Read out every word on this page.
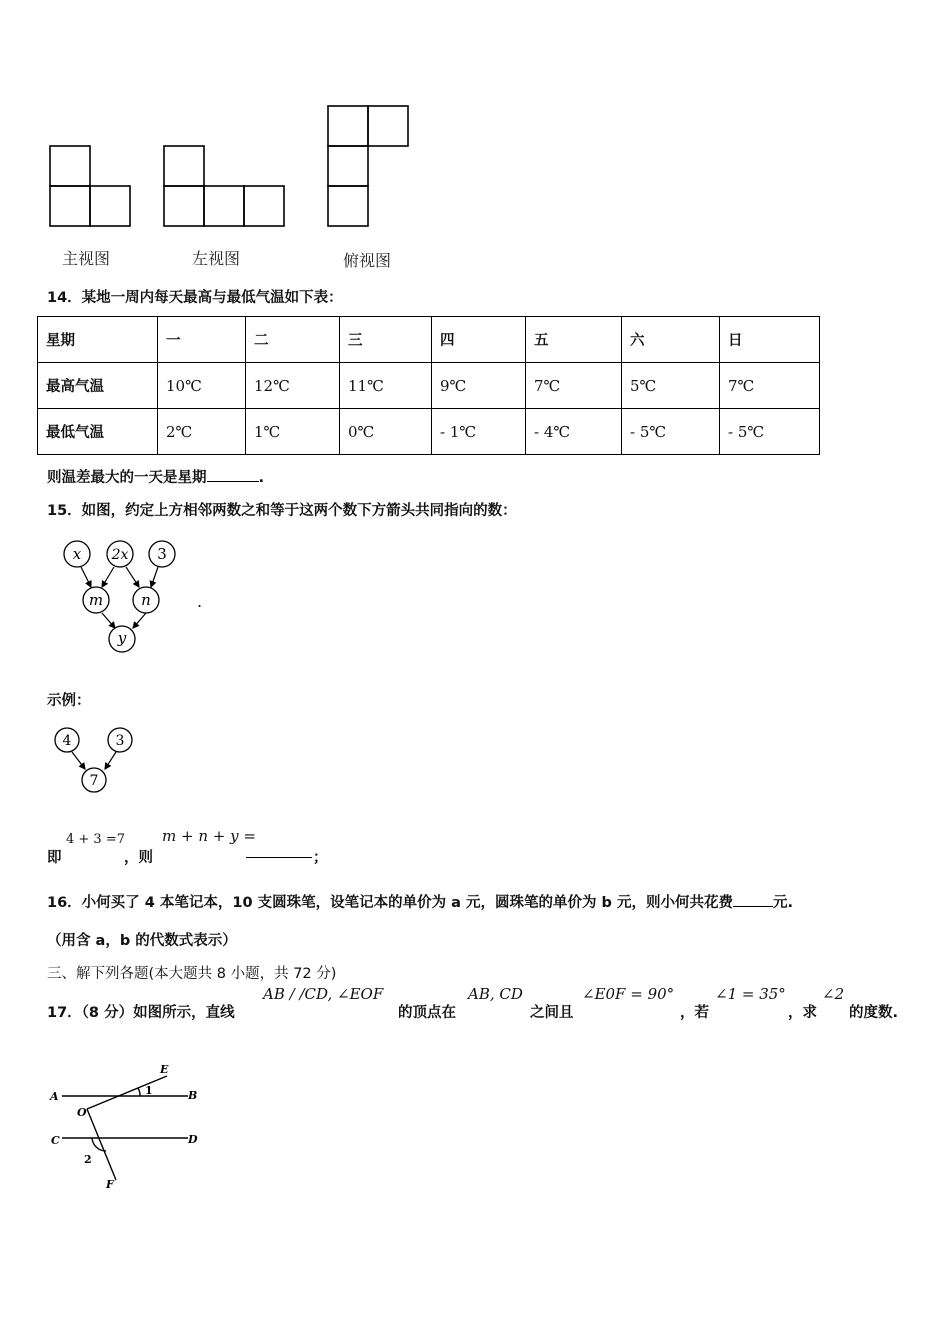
主视图	左视图	俯视图
14．某地一周内每天最高与最低气温如下表：
星期	一	二	三	四	五	六	日
最高气温	10℃	12℃	11℃	9℃	7℃	5℃	7℃
最低气温	2℃	1℃	0℃	- 1℃	- 4℃	- 5℃	- 5℃
则温差最大的一天是星期	.
15．如图，约定上方相邻两数之和等于这两个数下方箭头共同指向的数：
x 2x 3
m	n
y
.
示例：
4	3
7
即
4 + 3 =7
，则
m + n + y =
；
16．小何买了 4 本笔记本，10 支圆珠笔，设笔记本的单价为 a 元，圆珠笔的单价为 b 元，则小何共花费	元.
（用含 a，b 的代数式表示）
三、解下列各题(本大题共 8 小题，共 72 分)
17．（8 分）如图所示，直线
AB / /CD, ∠EOF
的顶点在
AB, CD
之间且
∠E0F = 90°
，若
∠1 = 35°
，求
∠2
的度数.
A	B
C	D
E
F
O
1
2
